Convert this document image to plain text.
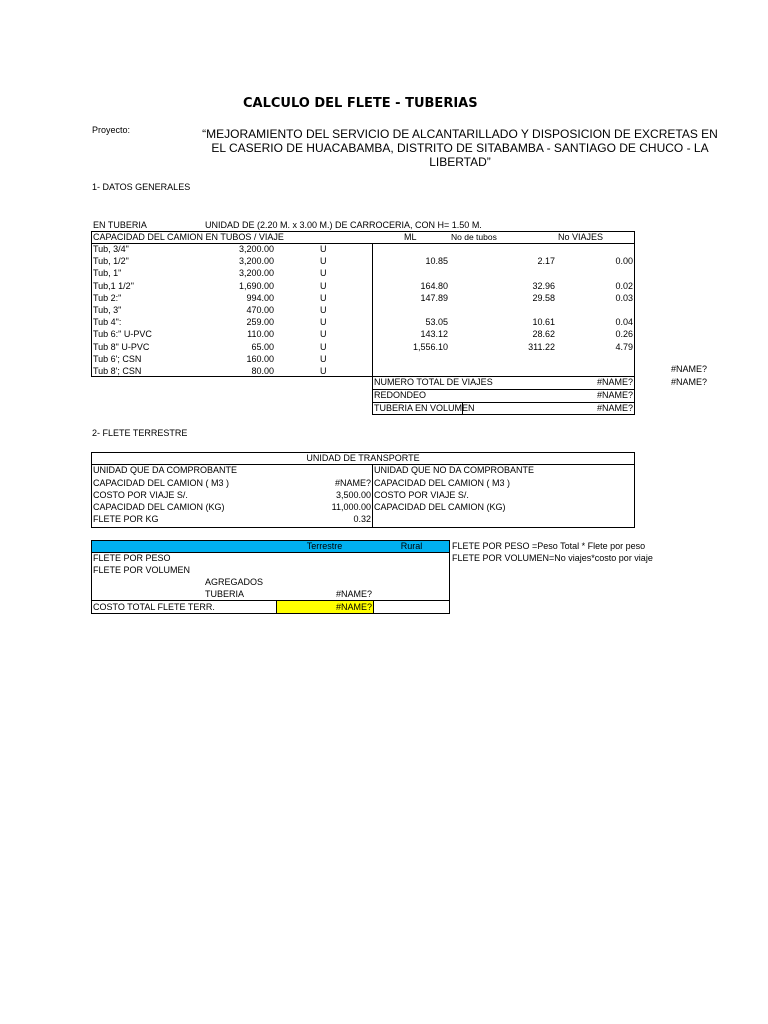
CALCULO DEL FLETE - TUBERIAS
Proyecto:	“MEJORAMIENTO DEL SERVICIO DE ALCANTARILLADO Y DISPOSICION DE EXCRETAS EN EL CASERIO DE HUACABAMBA, DISTRITO DE SITABAMBA - SANTIAGO DE CHUCO - LA LIBERTAD”
1- DATOS GENERALES
EN TUBERIA	UNIDAD DE (2.20 M. x 3.00 M.) DE CARROCERIA, CON H= 1.50 M.
CAPACIDAD DEL CAMION EN TUBOS / VIAJE	ML	No de tubos	No VIAJES
Tub, 3/4"	3,200.00	U
Tub, 1/2"	3,200.00	U	10.85	2.17	0.00
Tub, 1"	3,200.00	U
Tub,1 1/2"	1,690.00	U	164.80	32.96	0.02
Tub 2:"	994.00	U	147.89	29.58	0.03
Tub, 3"	470.00	U
Tub 4":	259.00	U	53.05	10.61	0.04
Tub 6:" U-PVC	110.00	U	143.12	28.62	0.26
Tub 8" U-PVC	65.00	U	1,556.10	311.22	4.79
Tub 6'; CSN	160.00	U
Tub 8'; CSN	80.00	U	#NAME?
#NAME?
NUMERO TOTAL DE VIAJES	#NAME?
REDONDEO	#NAME?
TUBERIA EN VOLUMEN	#NAME?
2- FLETE TERRESTRE
UNIDAD DE TRANSPORTE
UNIDAD QUE DA COMPROBANTE
CAPACIDAD DEL CAMION ( M3 )	#NAME?
COSTO POR VIAJE S/.	3,500.00
CAPACIDAD DEL CAMION (KG)	11,000.00
FLETE POR KG	0.32
UNIDAD QUE NO DA COMPROBANTE
CAPACIDAD DEL CAMION ( M3 )
COSTO POR VIAJE S/.
CAPACIDAD DEL CAMION (KG)
Terrestre	Rural
FLETE POR PESO
FLETE POR VOLUMEN
AGREGADOS
TUBERIA	#NAME?
COSTO TOTAL FLETE TERR.	#NAME?
FLETE POR PESO =Peso Total * Flete por peso
FLETE POR VOLUMEN=No viajes*costo por viaje
